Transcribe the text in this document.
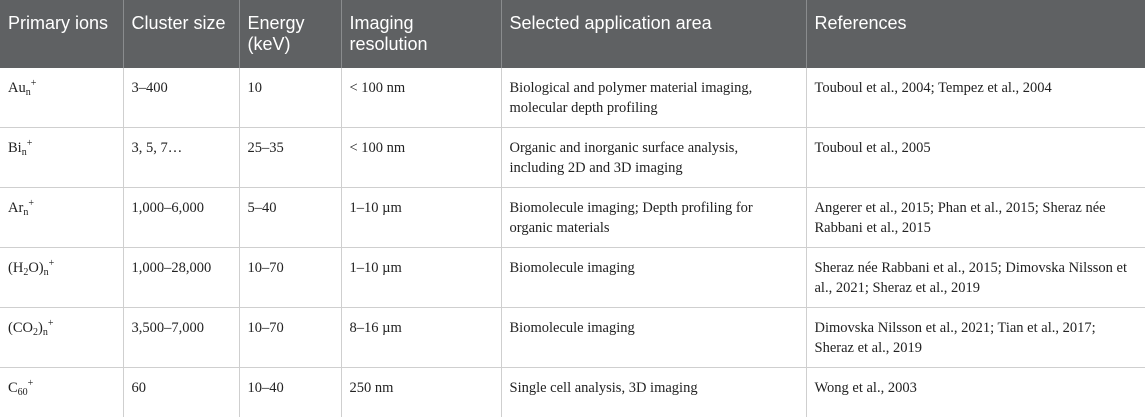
Primary ions	Cluster size	Energy (keV)	Imaging resolution	Selected application area	References
$Au_n^+$	3–400	10	< 100 nm	Biological and polymer material imaging, molecular depth profiling	Touboul et al., 2004; Tempez et al., 2004
$Bi_n^+$	3, 5, 7…	25–35	< 100 nm	Organic and inorganic surface analysis, including 2D and 3D imaging	Touboul et al., 2005
$Ar_n^+$	1,000–6,000	5–40	1–10 µm	Biomolecule imaging; Depth profiling for organic materials	Angerer et al., 2015; Phan et al., 2015; Sheraz née Rabbani et al., 2015
$(H_2O)_n^+$	1,000–28,000	10–70	1–10 µm	Biomolecule imaging	Sheraz née Rabbani et al., 2015; Dimovska Nilsson et al., 2021; Sheraz et al., 2019
$(CO_2)_n^+$	3,500–7,000	10–70	8–16 µm	Biomolecule imaging	Dimovska Nilsson et al., 2021; Tian et al., 2017; Sheraz et al., 2019
$C_{60}^+$	60	10–40	250 nm	Single cell analysis, 3D imaging	Wong et al., 2003
